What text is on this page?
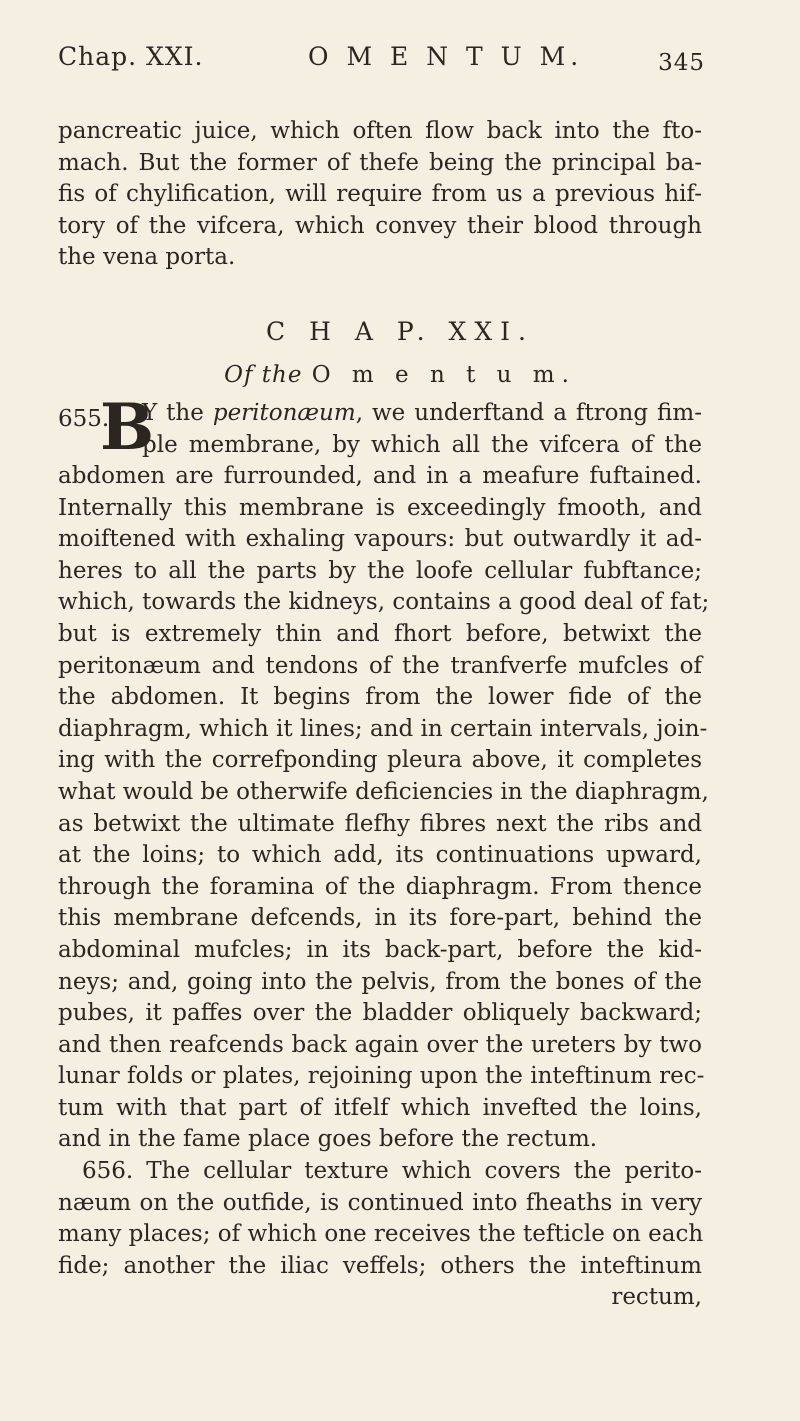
Chap. XXI.	O M E N T U M.	345
pancreatic juice, which often flow back into the fto-
mach. But the former of thefe being the principal ba-
fis of chylification, will require from us a previous hif-
tory of the vifcera, which convey their blood through
the vena porta.
C H A P. XXI.
Of the O m e n t u m.
655.
B
Y the peritonæum, we underftand a ftrong fim-
ple membrane, by which all the vifcera of the
abdomen are furrounded, and in a meafure fuftained.
Internally this membrane is exceedingly fmooth, and
moiftened with exhaling vapours: but outwardly it ad-
heres to all the parts by the loofe cellular fubftance;
which, towards the kidneys, contains a good deal of fat;
but is extremely thin and fhort before, betwixt the
peritonæum and tendons of the tranfverfe mufcles of
the abdomen. It begins from the lower fide of the
diaphragm, which it lines; and in certain intervals, join-
ing with the correfponding pleura above, it completes
what would be otherwife deficiencies in the diaphragm,
as betwixt the ultimate flefhy fibres next the ribs and
at the loins; to which add, its continuations upward,
through the foramina of the diaphragm. From thence
this membrane defcends, in its fore-part, behind the
abdominal mufcles; in its back-part, before the kid-
neys; and, going into the pelvis, from the bones of the
pubes, it paffes over the bladder obliquely backward;
and then reafcends back again over the ureters by two
lunar folds or plates, rejoining upon the inteftinum rec-
tum with that part of itfelf which invefted the loins,
and in the fame place goes before the rectum.
656. The cellular texture which covers the perito-
næum on the outfide, is continued into fheaths in very
many places; of which one receives the tefticle on each
fide; another the iliac veffels; others the inteftinum
rectum,
